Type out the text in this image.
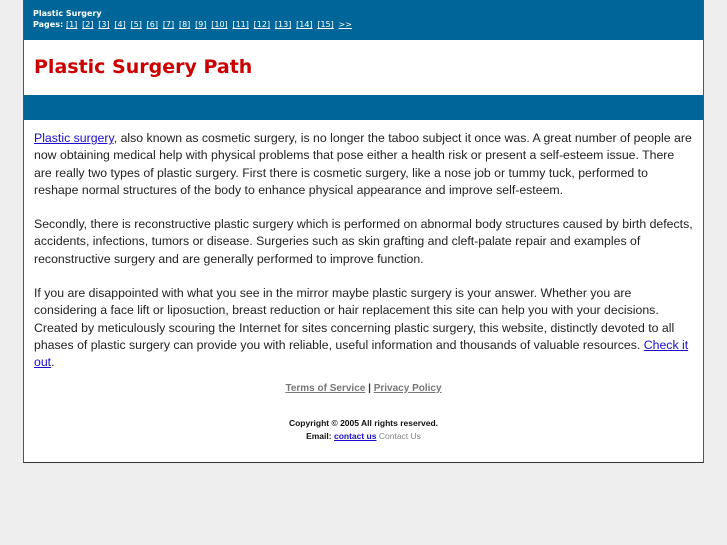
Plastic Surgery
Pages: [1] [2] [3] [4] [5] [6] [7] [8] [9] [10] [11] [12] [13] [14] [15] >>
Plastic Surgery Path

Plastic surgery, also known as cosmetic surgery, is no longer the taboo subject it once was. A great number of people are now obtaining medical help with physical problems that pose either a health risk or present a self-esteem issue. There are really two types of plastic surgery. First there is cosmetic surgery, like a nose job or tummy tuck, performed to reshape normal structures of the body to enhance physical appearance and improve self-esteem.

Secondly, there is reconstructive plastic surgery which is performed on abnormal body structures caused by birth defects, accidents, infections, tumors or disease. Surgeries such as skin grafting and cleft-palate repair and examples of reconstructive surgery and are generally performed to improve function.

If you are disappointed with what you see in the mirror maybe plastic surgery is your answer. Whether you are considering a face lift or liposuction, breast reduction or hair replacement this site can help you with your decisions. Created by meticulously scouring the Internet for sites concerning plastic surgery, this website, distinctly devoted to all phases of plastic surgery can provide you with reliable, useful information and thousands of valuable resources. Check it out.

Terms of Service | Privacy Policy
Copyright © 2005 All rights reserved.
Email: contact us Contact Us
